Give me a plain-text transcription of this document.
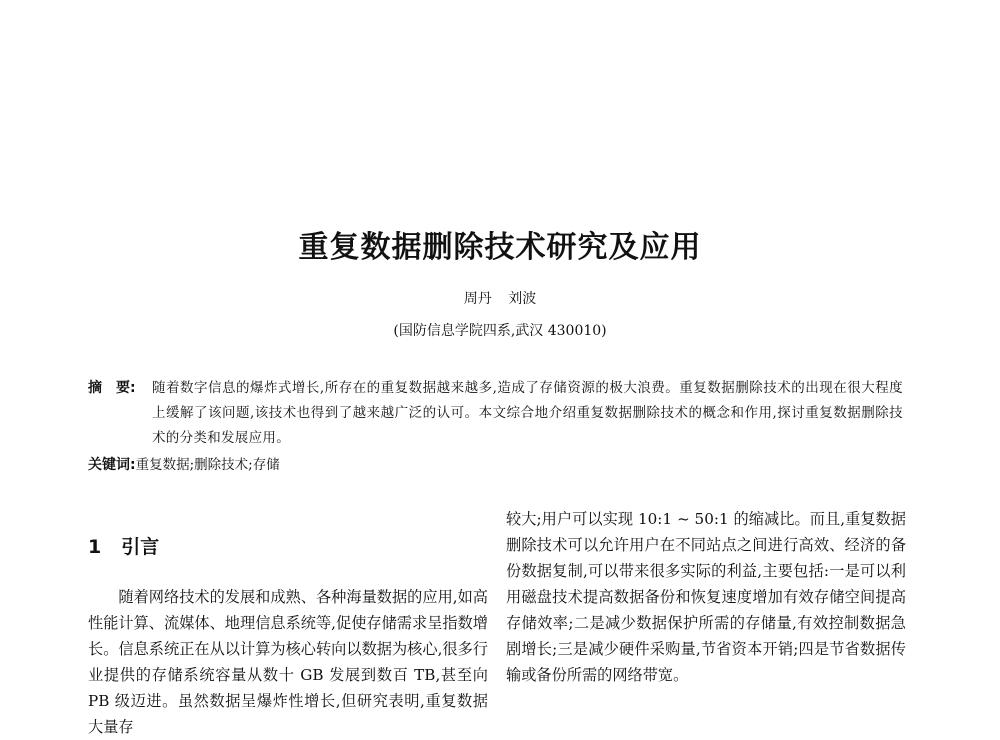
重复数据删除技术研究及应用
周丹 刘波
(国防信息学院四系,武汉 430010)
摘　要:	随着数字信息的爆炸式增长,所存在的重复数据越来越多,造成了存储资源的极大浪费。重复数据删除技术的出现在很大程度上缓解了该问题,该技术也得到了越来越广泛的认可。本文综合地介绍重复数据删除技术的概念和作用,探讨重复数据删除技术的分类和发展应用。
关键词: 重复数据;删除技术;存储
1 引言
随着网络技术的发展和成熟、各种海量数据的应用,如高性能计算、流媒体、地理信息系统等,促使存储需求呈指数增长。信息系统正在从以计算为核心转向以数据为核心,很多行业提供的存储系统容量从数十 GB 发展到数百 TB,甚至向 PB 级迈进。虽然数据呈爆炸性增长,但研究表明,重复数据大量存
较大;用户可以实现 10:1 ~ 50:1 的缩减比。而且,重复数据删除技术可以允许用户在不同站点之间进行高效、经济的备份数据复制,可以带来很多实际的利益,主要包括:一是可以利用磁盘技术提高数据备份和恢复速度增加有效存储空间提高存储效率;二是减少数据保护所需的存储量,有效控制数据急剧增长;三是减少硬件采购量,节省资本开销;四是节省数据传输或备份所需的网络带宽。
